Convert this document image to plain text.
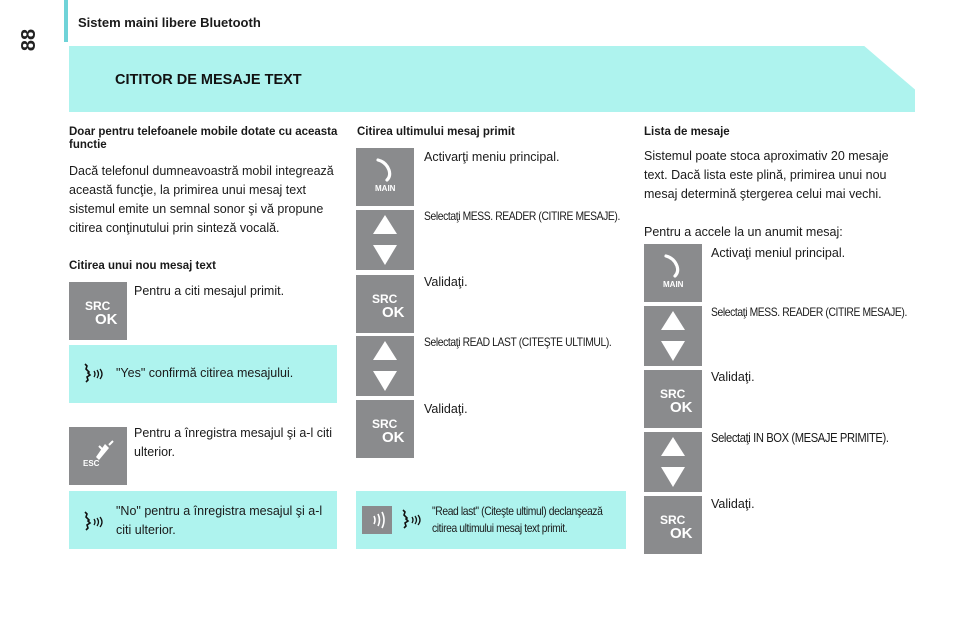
88
Sistem maini libere Bluetooth
CITITOR DE MESAJE TEXT
Doar pentru telefoanele mobile dotate cu aceasta functie
Dacă telefonul dumneavoastră mobil integrează această funcţie, la primirea unui mesaj text sistemul emite un semnal sonor şi vă propune citirea conţinutului prin sinteză vocală.
Citirea unui nou mesaj text
SRC
OK
Pentru a citi mesajul primit.
"Yes" confirmă citirea mesajului.
ESC
Pentru a înregistra mesajul şi a-l citi ulterior.
"No" pentru a înregistra mesajul şi a-l citi ulterior.
Citirea ultimului mesaj primit
MAIN
Activarţi meniu principal.
Selectaţi MESS. READER (CITIRE MESAJE).
SRC
OK
Validaţi.
Selectaţi READ LAST (CITEŞTE ULTIMUL).
SRC
OK
Validaţi.
"Read last" (Citeşte ultimul) declanşează citirea ultimului mesaj text primit.
Lista de mesaje
Sistemul poate stoca aproximativ 20 mesaje text. Dacă lista este plină, primirea unui nou mesaj determină ştergerea celui mai vechi.
Pentru a accele la un anumit mesaj:
MAIN
Activaţi meniul principal.
Selectaţi MESS. READER (CITIRE MESAJE).
SRC
OK
Validaţi.
Selectaţi IN BOX (MESAJE PRIMITE).
SRC
OK
Validaţi.
